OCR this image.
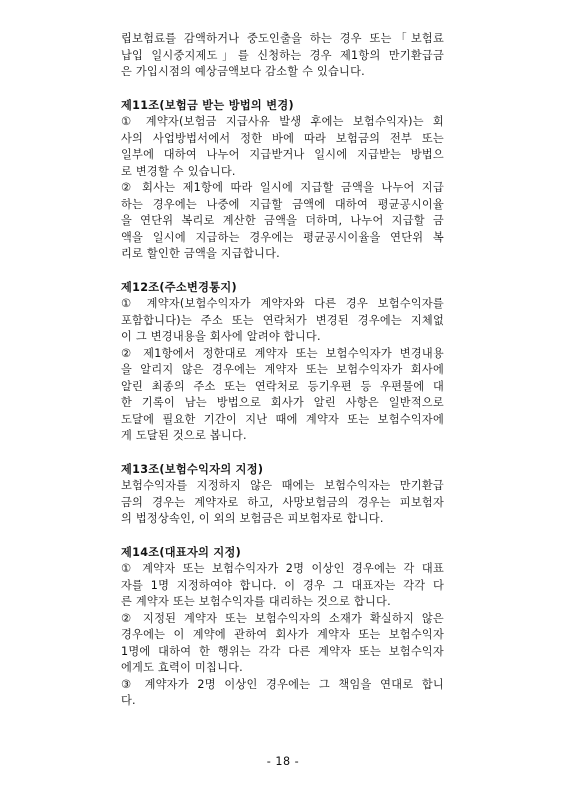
립보험료를 감액하거나 중도인출을 하는 경우 또는「보험료
납입 일시중지제도」를 신청하는 경우 제1항의 만기환급금
은 가입시점의 예상금액보다 감소할 수 있습니다.
제11조(보험금 받는 방법의 변경)
① 계약자(보험금 지급사유 발생 후에는 보험수익자)는 회
사의 사업방법서에서 정한 바에 따라 보험금의 전부 또는
일부에 대하여 나누어 지급받거나 일시에 지급받는 방법으
로 변경할 수 있습니다.
② 회사는 제1항에 따라 일시에 지급할 금액을 나누어 지급
하는 경우에는 나중에 지급할 금액에 대하여 평균공시이율
을 연단위 복리로 계산한 금액을 더하며, 나누어 지급할 금
액을 일시에 지급하는 경우에는 평균공시이율을 연단위 복
리로 할인한 금액을 지급합니다.
제12조(주소변경통지)
① 계약자(보험수익자가 계약자와 다른 경우 보험수익자를
포함합니다)는 주소 또는 연락처가 변경된 경우에는 지체없
이 그 변경내용을 회사에 알려야 합니다.
② 제1항에서 정한대로 계약자 또는 보험수익자가 변경내용
을 알리지 않은 경우에는 계약자 또는 보험수익자가 회사에
알린 최종의 주소 또는 연락처로 등기우편 등 우편물에 대
한 기록이 남는 방법으로 회사가 알린 사항은 일반적으로
도달에 필요한 기간이 지난 때에 계약자 또는 보험수익자에
게 도달된 것으로 봅니다.
제13조(보험수익자의 지정)
보험수익자를 지정하지 않은 때에는 보험수익자는 만기환급
금의 경우는 계약자로 하고, 사망보험금의 경우는 피보험자
의 법정상속인, 이 외의 보험금은 피보험자로 합니다.
제14조(대표자의 지정)
① 계약자 또는 보험수익자가 2명 이상인 경우에는 각 대표
자를 1명 지정하여야 합니다. 이 경우 그 대표자는 각각 다
른 계약자 또는 보험수익자를 대리하는 것으로 합니다.
② 지정된 계약자 또는 보험수익자의 소재가 확실하지 않은
경우에는 이 계약에 관하여 회사가 계약자 또는 보험수익자
1명에 대하여 한 행위는 각각 다른 계약자 또는 보험수익자
에게도 효력이 미칩니다.
③ 계약자가 2명 이상인 경우에는 그 책임을 연대로 합니
다.
- 18 -
